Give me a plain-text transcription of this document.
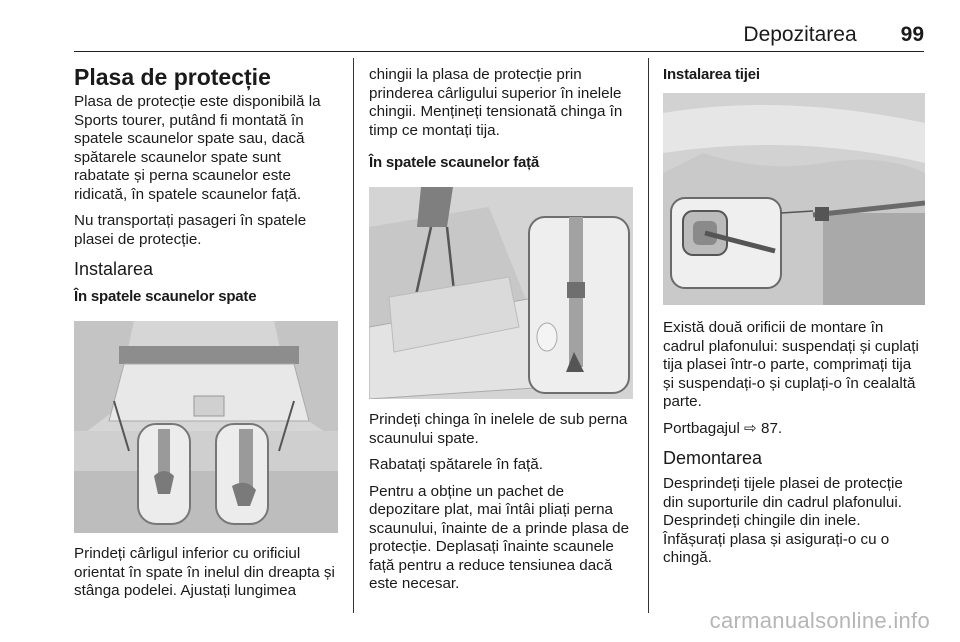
Depozitarea 99
Plasa de protecție

Plasa de protecție este disponibilă la Sports tourer, putând fi montată în spatele scaunelor spate sau, dacă spătarele scaunelor spate sunt rabatate și perna scaunelor este ridicată, în spatele scaunelor față.

Nu transportați pasageri în spatele plasei de protecție.

Instalarea
În spatele scaunelor spate

Prindeți cârligul inferior cu orificiul orientat în spate în inelul din dreapta și stânga podelei. Ajustați lungimea

chingii la plasa de protecție prin prinderea cârligului superior în inelele chingii. Mențineți tensionată chinga în timp ce montați tija.

În spatele scaunelor față

Prindeți chinga în inelele de sub perna scaunului spate.

Rabatați spătarele în față.

Pentru a obține un pachet de depozitare plat, mai întâi pliați perna scaunului, înainte de a prinde plasa de protecție. Deplasați înainte scaunele față pentru a reduce tensiunea dacă este necesar.

Instalarea tijei

Există două orificii de montare în cadrul plafonului: suspendați și cuplați tija plasei într-o parte, comprimați tija și suspendați-o și cuplați-o în cealaltă parte.

Portbagajul ⇨ 87.

Demontarea

Desprindeți tijele plasei de protecție din suporturile din cadrul plafonului. Desprindeți chingile din inele. Înfășurați plasa și asigurați-o cu o chingă.

carmanualsonline.info
